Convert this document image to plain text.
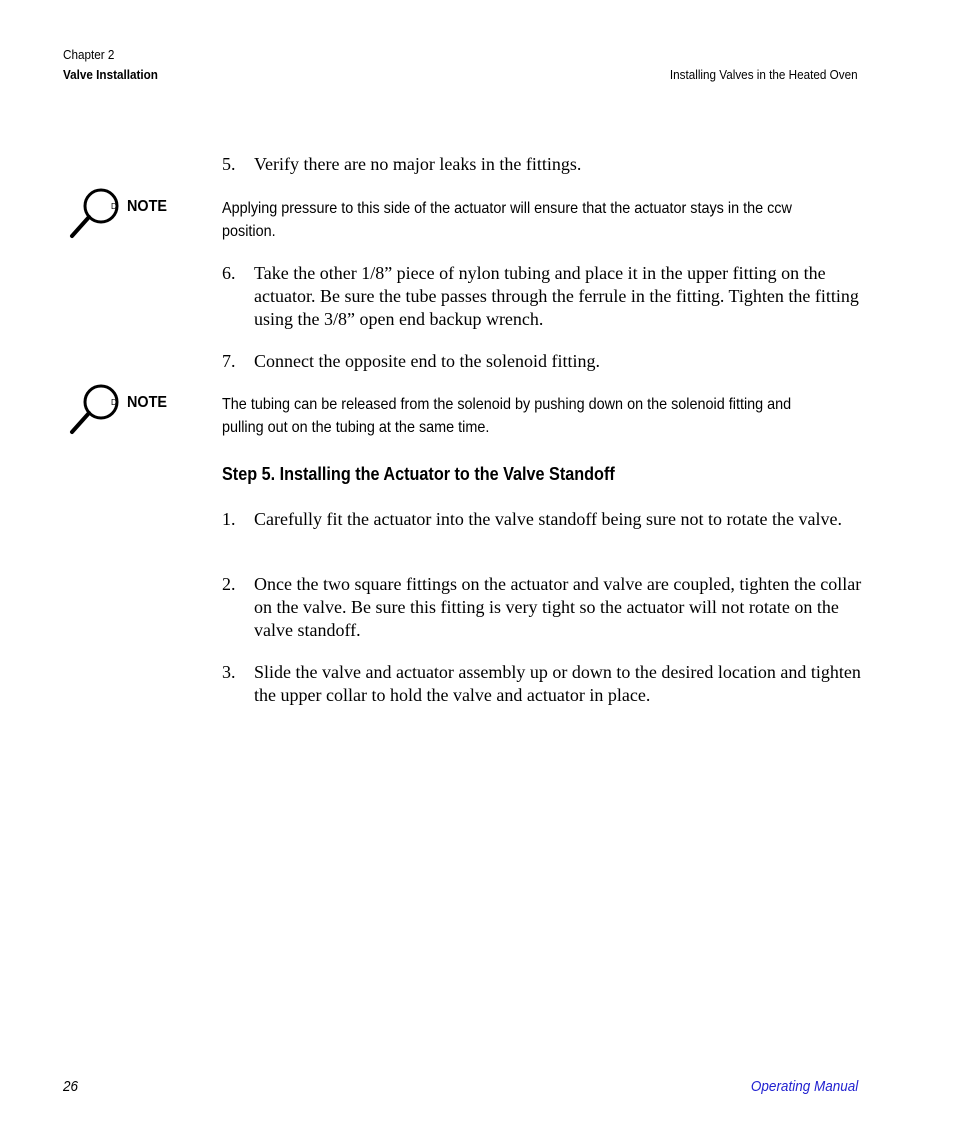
Chapter 2
Valve Installation	Installing Valves in the Heated Oven
5.	Verify there are no major leaks in the fittings.
D NOTE	Applying pressure to this side of the actuator will ensure that the actuator stays in the ccw position.
6.	Take the other 1/8” piece of nylon tubing and place it in the upper fitting on the actuator. Be sure the tube passes through the ferrule in the fitting. Tighten the fitting using the 3/8” open end backup wrench.
7.	Connect the opposite end to the solenoid fitting.
D NOTE	The tubing can be released from the solenoid by pushing down on the solenoid fitting and pulling out on the tubing at the same time.
Step 5. Installing the Actuator to the Valve Standoff
1.	Carefully fit the actuator into the valve standoff being sure not to rotate the valve.
2.	Once the two square fittings on the actuator and valve are coupled, tighten the collar on the valve. Be sure this fitting is very tight so the actuator will not rotate on the valve standoff.
3.	Slide the valve and actuator assembly up or down to the desired location and tighten the upper collar to hold the valve and actuator in place.
26	Operating Manual
